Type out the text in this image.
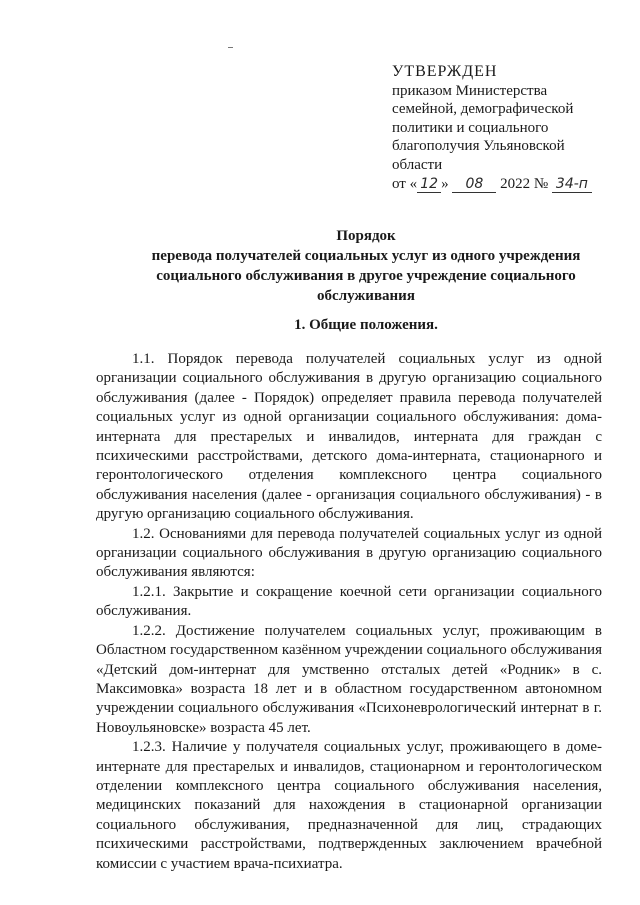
УТВЕРЖДЕН
приказом Министерства
семейной, демографической
политики и социального
благополучия Ульяновской
области
от « 12 » 08 2022 № 34-п
Порядок
перевода получателей социальных услуг из одного учреждения
социального обслуживания в другое учреждение социального
обслуживания
1. Общие положения.

1.1. Порядок перевода получателей социальных услуг из одной организации социального обслуживания в другую организацию социального обслуживания (далее - Порядок) определяет правила перевода получателей социальных услуг из одной организации социального обслуживания: дома-интерната для престарелых и инвалидов, интерната для граждан с психическими расстройствами, детского дома-интерната, стационарного и геронтологического отделения комплексного центра социального обслуживания населения (далее - организация социального обслуживания) - в другую организацию социального обслуживания.

1.2. Основаниями для перевода получателей социальных услуг из одной организации социального обслуживания в другую организацию социального обслуживания являются:

1.2.1. Закрытие и сокращение коечной сети организации социального обслуживания.

1.2.2. Достижение получателем социальных услуг, проживающим в Областном государственном казённом учреждении социального обслуживания «Детский дом-интернат для умственно отсталых детей «Родник» в с. Максимовка» возраста 18 лет и в областном государственном автономном учреждении социального обслуживания «Психоневрологический интернат в г. Новоульяновске» возраста 45 лет.

1.2.3. Наличие у получателя социальных услуг, проживающего в доме-интернате для престарелых и инвалидов, стационарном и геронтологическом отделении комплексного центра социального обслуживания населения, медицинских показаний для нахождения в стационарной организации социального обслуживания, предназначенной для лиц, страдающих психическими расстройствами, подтвержденных заключением врачебной комиссии с участием врача-психиатра.
